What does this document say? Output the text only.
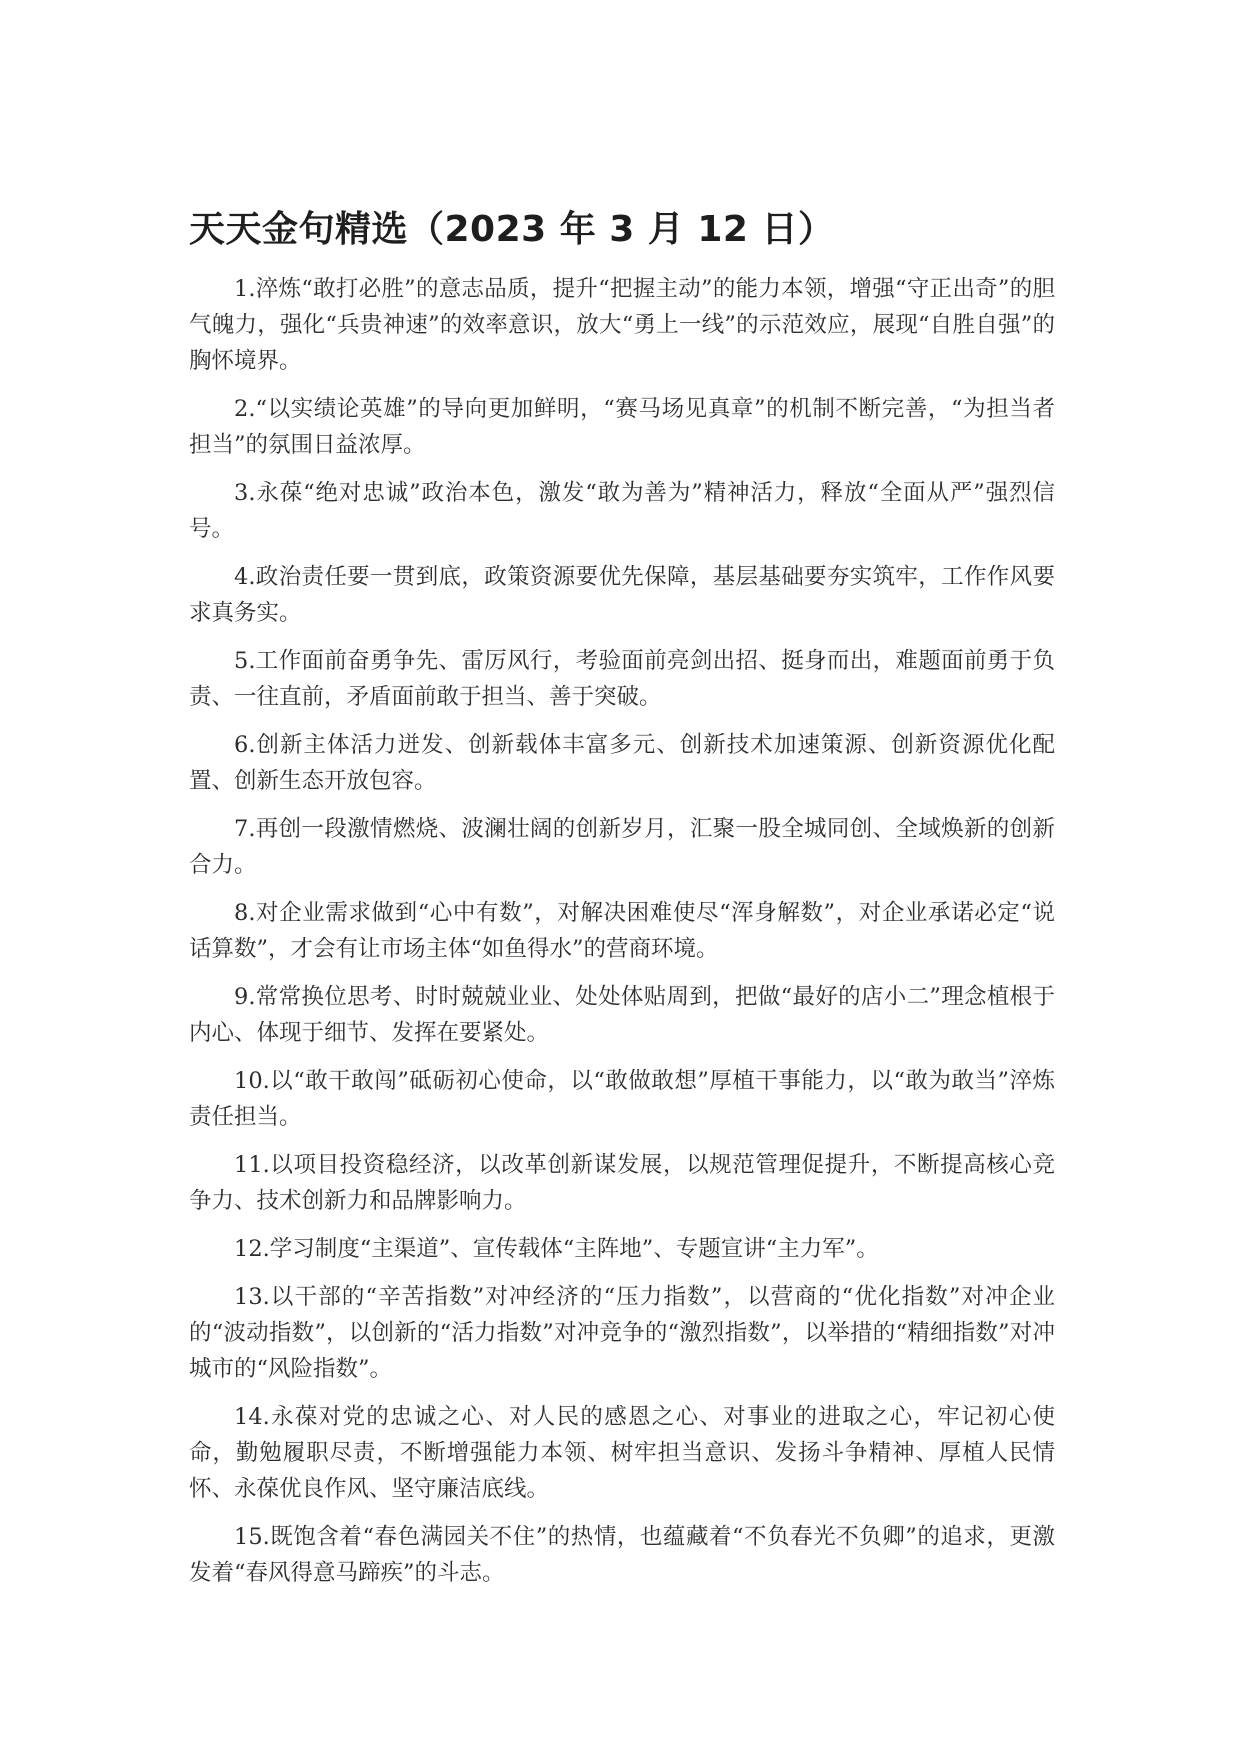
天天金句精选（2023 年 3 月 12 日）

1.淬炼“敢打必胜”的意志品质，提升“把握主动”的能力本领，增强“守正出奇”的胆气魄力，强化“兵贵神速”的效率意识，放大“勇上一线”的示范效应，展现“自胜自强”的胸怀境界。

2.“以实绩论英雄”的导向更加鲜明，“赛马场见真章”的机制不断完善，“为担当者担当”的氛围日益浓厚。

3.永葆“绝对忠诚”政治本色，激发“敢为善为”精神活力，释放“全面从严”强烈信号。

4.政治责任要一贯到底，政策资源要优先保障，基层基础要夯实筑牢，工作作风要求真务实。

5.工作面前奋勇争先、雷厉风行，考验面前亮剑出招、挺身而出，难题面前勇于负责、一往直前，矛盾面前敢于担当、善于突破。

6.创新主体活力迸发、创新载体丰富多元、创新技术加速策源、创新资源优化配置、创新生态开放包容。

7.再创一段激情燃烧、波澜壮阔的创新岁月，汇聚一股全城同创、全域焕新的创新合力。

8.对企业需求做到“心中有数”，对解决困难使尽“浑身解数”，对企业承诺必定“说话算数”，才会有让市场主体“如鱼得水”的营商环境。

9.常常换位思考、时时兢兢业业、处处体贴周到，把做“最好的店小二”理念植根于内心、体现于细节、发挥在要紧处。

10.以“敢干敢闯”砥砺初心使命，以“敢做敢想”厚植干事能力，以“敢为敢当”淬炼责任担当。

11.以项目投资稳经济，以改革创新谋发展，以规范管理促提升，不断提高核心竞争力、技术创新力和品牌影响力。

12.学习制度“主渠道”、宣传载体“主阵地”、专题宣讲“主力军”。

13.以干部的“辛苦指数”对冲经济的“压力指数”，以营商的“优化指数”对冲企业的“波动指数”，以创新的“活力指数”对冲竞争的“激烈指数”，以举措的“精细指数”对冲城市的“风险指数”。

14.永葆对党的忠诚之心、对人民的感恩之心、对事业的进取之心，牢记初心使命，勤勉履职尽责，不断增强能力本领、树牢担当意识、发扬斗争精神、厚植人民情怀、永葆优良作风、坚守廉洁底线。

15.既饱含着“春色满园关不住”的热情，也蕴藏着“不负春光不负卿”的追求，更激发着“春风得意马蹄疾”的斗志。
